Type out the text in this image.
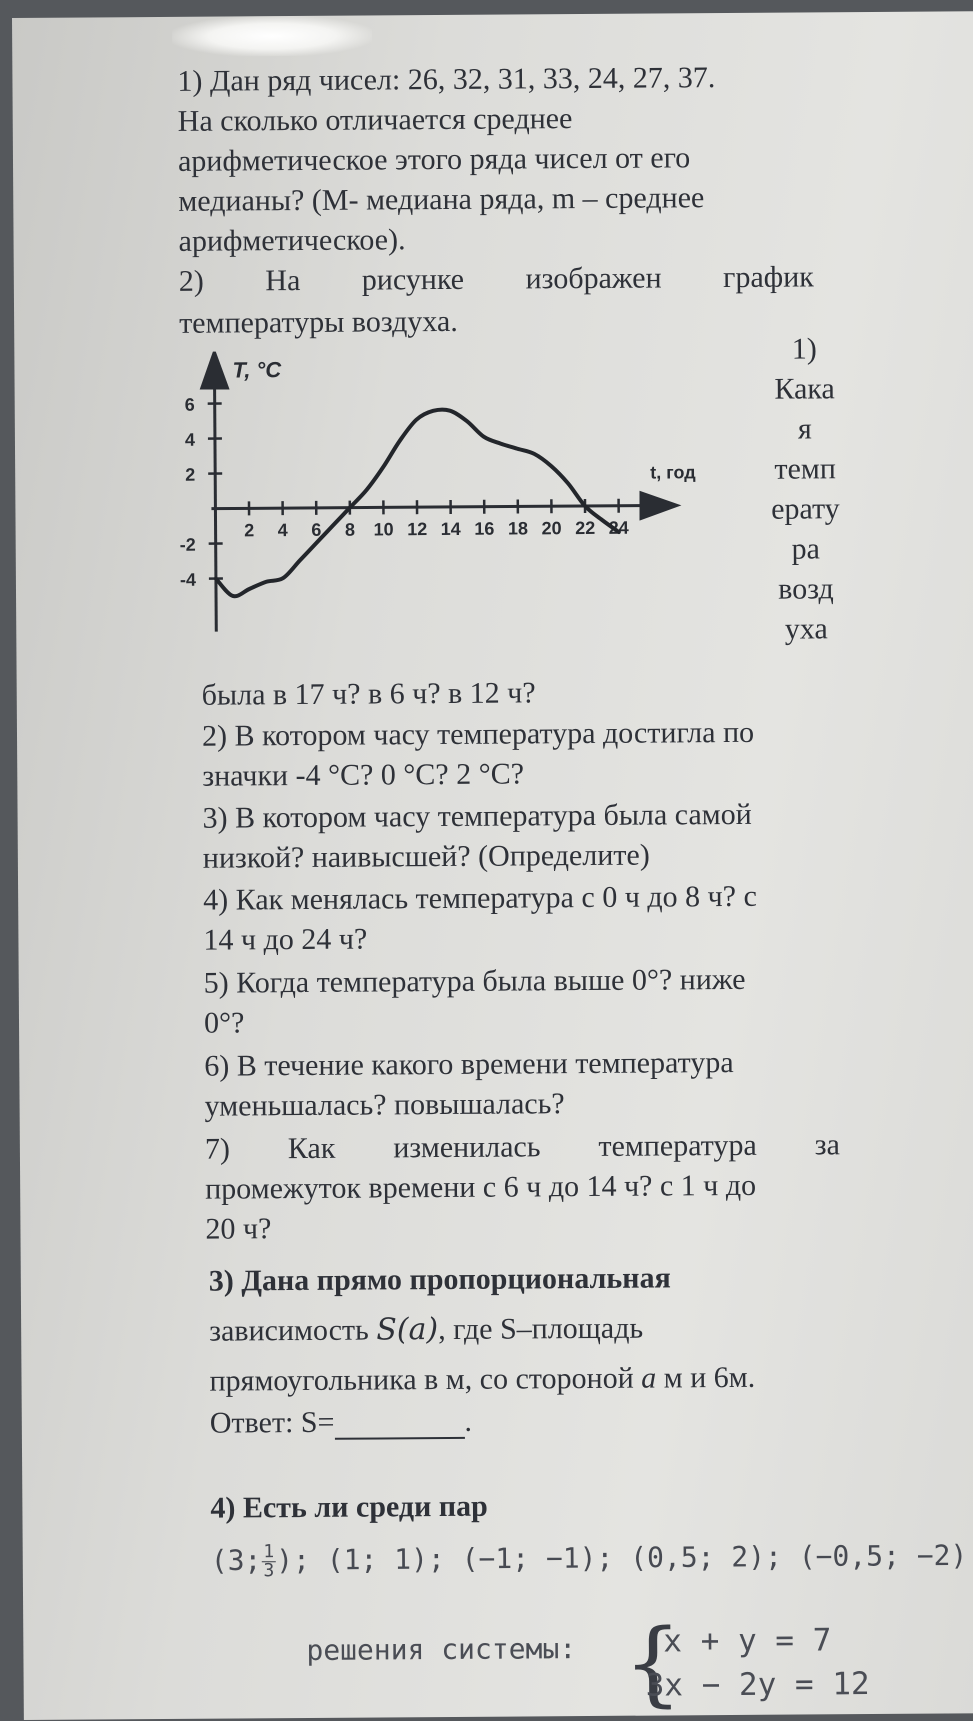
1) Дан ряд чисел: 26, 32, 31, 33, 24, 27, 37.
На сколько отличается среднее
арифметическое этого ряда чисел от его
медианы? (M- медиана ряда, m – среднее
арифметическое).
2) На рисунке изображен график
температуры воздуха.
1)
Кака
я
темп
ерату
ра
возд
уха
T, °C
t, год
2 4 6 8 10 12 14 16 18 20 22 24
6
4
2
-2
-4
была в 17 ч? в 6 ч? в 12 ч?
2) В котором часу температура достигла по
значки -4 °С? 0 °С? 2 °С?
3) В котором часу температура была самой
низкой? наивысшей? (Определите)
4) Как менялась температура с 0 ч до 8 ч? с
14 ч до 24 ч?
5) Когда температура была выше 0°? ниже
0°?
6) В течение какого времени температура
уменьшалась? повышалась?
7) Как изменилась температура за
промежуток времени с 6 ч до 14 ч? с 1 ч до
20 ч?
3) Дана прямо пропорциональная
зависимость S(a), где S–площадь
прямоугольника в м, со стороной a м и 6м.
Ответ: S=	.
4) Есть ли среди пар
(3; $\frac{1}{3}$ ); (1; 1); (−1; −1); (0,5; 2); (−0,5; −2)
решения системы: {
x + y = 7
3x − 2y = 12
